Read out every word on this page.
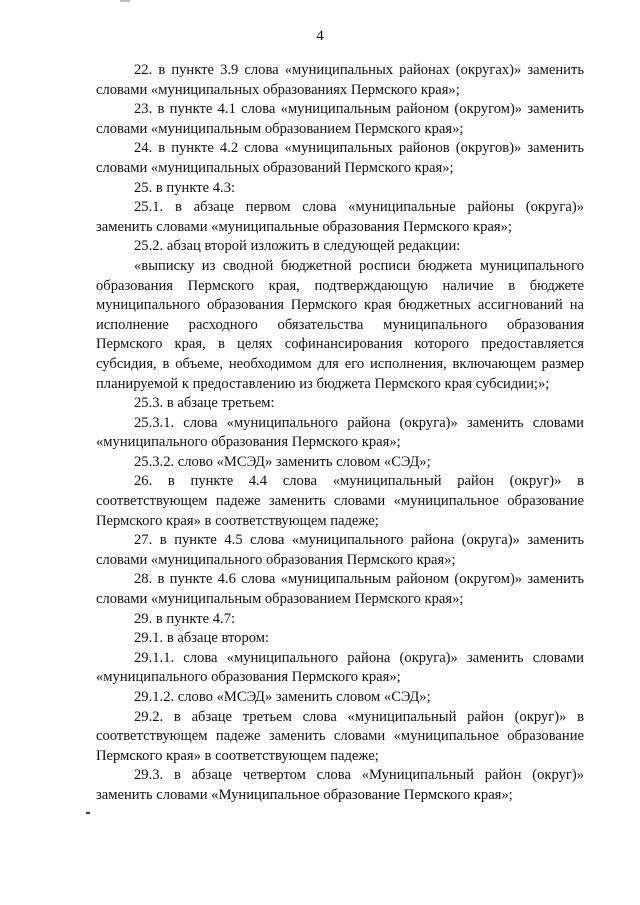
4

22. в пункте 3.9 слова «муниципальных районах (округах)» заменить словами «муниципальных образованиях Пермского края»;

23. в пункте 4.1 слова «муниципальным районом (округом)» заменить словами «муниципальным образованием Пермского края»;

24. в пункте 4.2 слова «муниципальных районов (округов)» заменить словами «муниципальных образований Пермского края»;

25. в пункте 4.3:

25.1. в абзаце первом слова «муниципальные районы (округа)» заменить словами «муниципальные образования Пермского края»;

25.2. абзац второй изложить в следующей редакции:

«выписку из сводной бюджетной росписи бюджета муниципального образования Пермского края, подтверждающую наличие в бюджете муниципального образования Пермского края бюджетных ассигнований на исполнение расходного обязательства муниципального образования Пермского края, в целях софинансирования которого предоставляется субсидия, в объеме, необходимом для его исполнения, включающем размер планируемой к предоставлению из бюджета Пермского края субсидии;»;

25.3. в абзаце третьем:

25.3.1. слова «муниципального района (округа)» заменить словами «муниципального образования Пермского края»;

25.3.2. слово «МСЭД» заменить словом «СЭД»;

26. в пункте 4.4 слова «муниципальный район (округ)» в соответствующем падеже заменить словами «муниципальное образование Пермского края» в соответствующем падеже;

27. в пункте 4.5 слова «муниципального района (округа)» заменить словами «муниципального образования Пермского края»;

28. в пункте 4.6 слова «муниципальным районом (округом)» заменить словами «муниципальным образованием Пермского края»;

29. в пункте 4.7:

29.1. в абзаце втором:

29.1.1. слова «муниципального района (округа)» заменить словами «муниципального образования Пермского края»;

29.1.2. слово «МСЭД» заменить словом «СЭД»;

29.2. в абзаце третьем слова «муниципальный район (округ)» в соответствующем падеже заменить словами «муниципальное образование Пермского края» в соответствующем падеже;

29.3. в абзаце четвертом слова «Муниципальный район (округ)» заменить словами «Муниципальное образование Пермского края»;
